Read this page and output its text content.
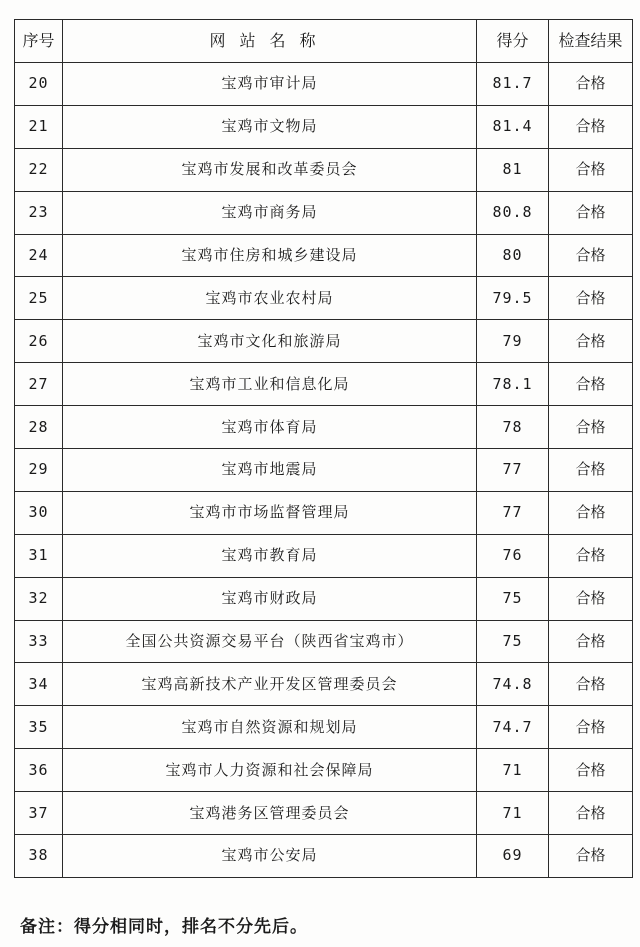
序号	网站名称	得分	检查结果
20	宝鸡市审计局	81.7	合格
21	宝鸡市文物局	81.4	合格
22	宝鸡市发展和改革委员会	81	合格
23	宝鸡市商务局	80.8	合格
24	宝鸡市住房和城乡建设局	80	合格
25	宝鸡市农业农村局	79.5	合格
26	宝鸡市文化和旅游局	79	合格
27	宝鸡市工业和信息化局	78.1	合格
28	宝鸡市体育局	78	合格
29	宝鸡市地震局	77	合格
30	宝鸡市市场监督管理局	77	合格
31	宝鸡市教育局	76	合格
32	宝鸡市财政局	75	合格
33	全国公共资源交易平台（陕西省宝鸡市）	75	合格
34	宝鸡高新技术产业开发区管理委员会	74.8	合格
35	宝鸡市自然资源和规划局	74.7	合格
36	宝鸡市人力资源和社会保障局	71	合格
37	宝鸡港务区管理委员会	71	合格
38	宝鸡市公安局	69	合格
备注：得分相同时，排名不分先后。
